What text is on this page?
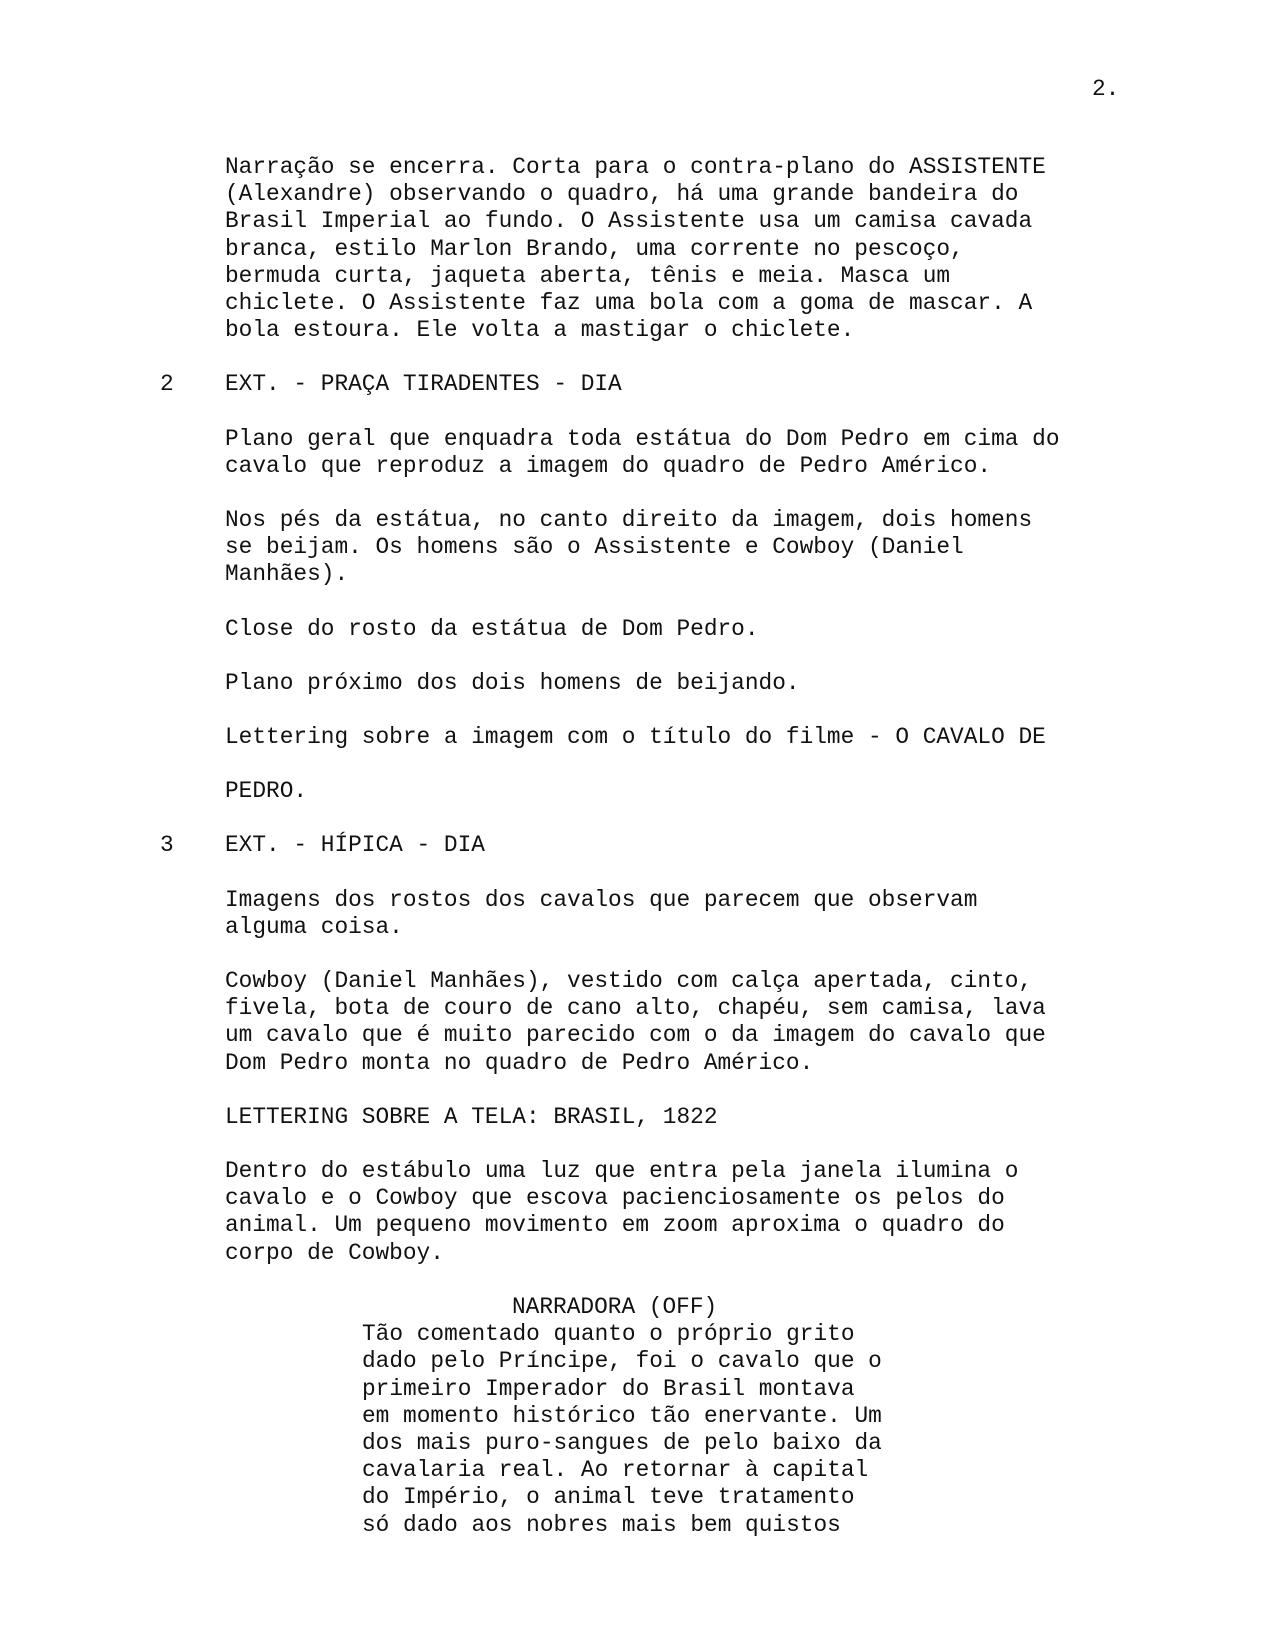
2.
Narração se encerra. Corta para o contra-plano do ASSISTENTE
(Alexandre) observando o quadro, há uma grande bandeira do
Brasil Imperial ao fundo. O Assistente usa um camisa cavada
branca, estilo Marlon Brando, uma corrente no pescoço,
bermuda curta, jaqueta aberta, tênis e meia. Masca um
chiclete. O Assistente faz uma bola com a goma de mascar. A
bola estoura. Ele volta a mastigar o chiclete.
2 EXT. - PRAÇA TIRADENTES - DIA
Plano geral que enquadra toda estátua do Dom Pedro em cima do
cavalo que reproduz a imagem do quadro de Pedro Américo.
Nos pés da estátua, no canto direito da imagem, dois homens
se beijam. Os homens são o Assistente e Cowboy (Daniel
Manhães).
Close do rosto da estátua de Dom Pedro.
Plano próximo dos dois homens de beijando.
Lettering sobre a imagem com o título do filme - O CAVALO DE
PEDRO.
3 EXT. - HÍPICA - DIA
Imagens dos rostos dos cavalos que parecem que observam
alguma coisa.
Cowboy (Daniel Manhães), vestido com calça apertada, cinto,
fivela, bota de couro de cano alto, chapéu, sem camisa, lava
um cavalo que é muito parecido com o da imagem do cavalo que
Dom Pedro monta no quadro de Pedro Américo.
LETTERING SOBRE A TELA: BRASIL, 1822
Dentro do estábulo uma luz que entra pela janela ilumina o
cavalo e o Cowboy que escova pacienciosamente os pelos do
animal. Um pequeno movimento em zoom aproxima o quadro do
corpo de Cowboy.
NARRADORA (OFF)
Tão comentado quanto o próprio grito
dado pelo Príncipe, foi o cavalo que o
primeiro Imperador do Brasil montava
em momento histórico tão enervante. Um
dos mais puro-sangues de pelo baixo da
cavalaria real. Ao retornar à capital
do Império, o animal teve tratamento
só dado aos nobres mais bem quistos
